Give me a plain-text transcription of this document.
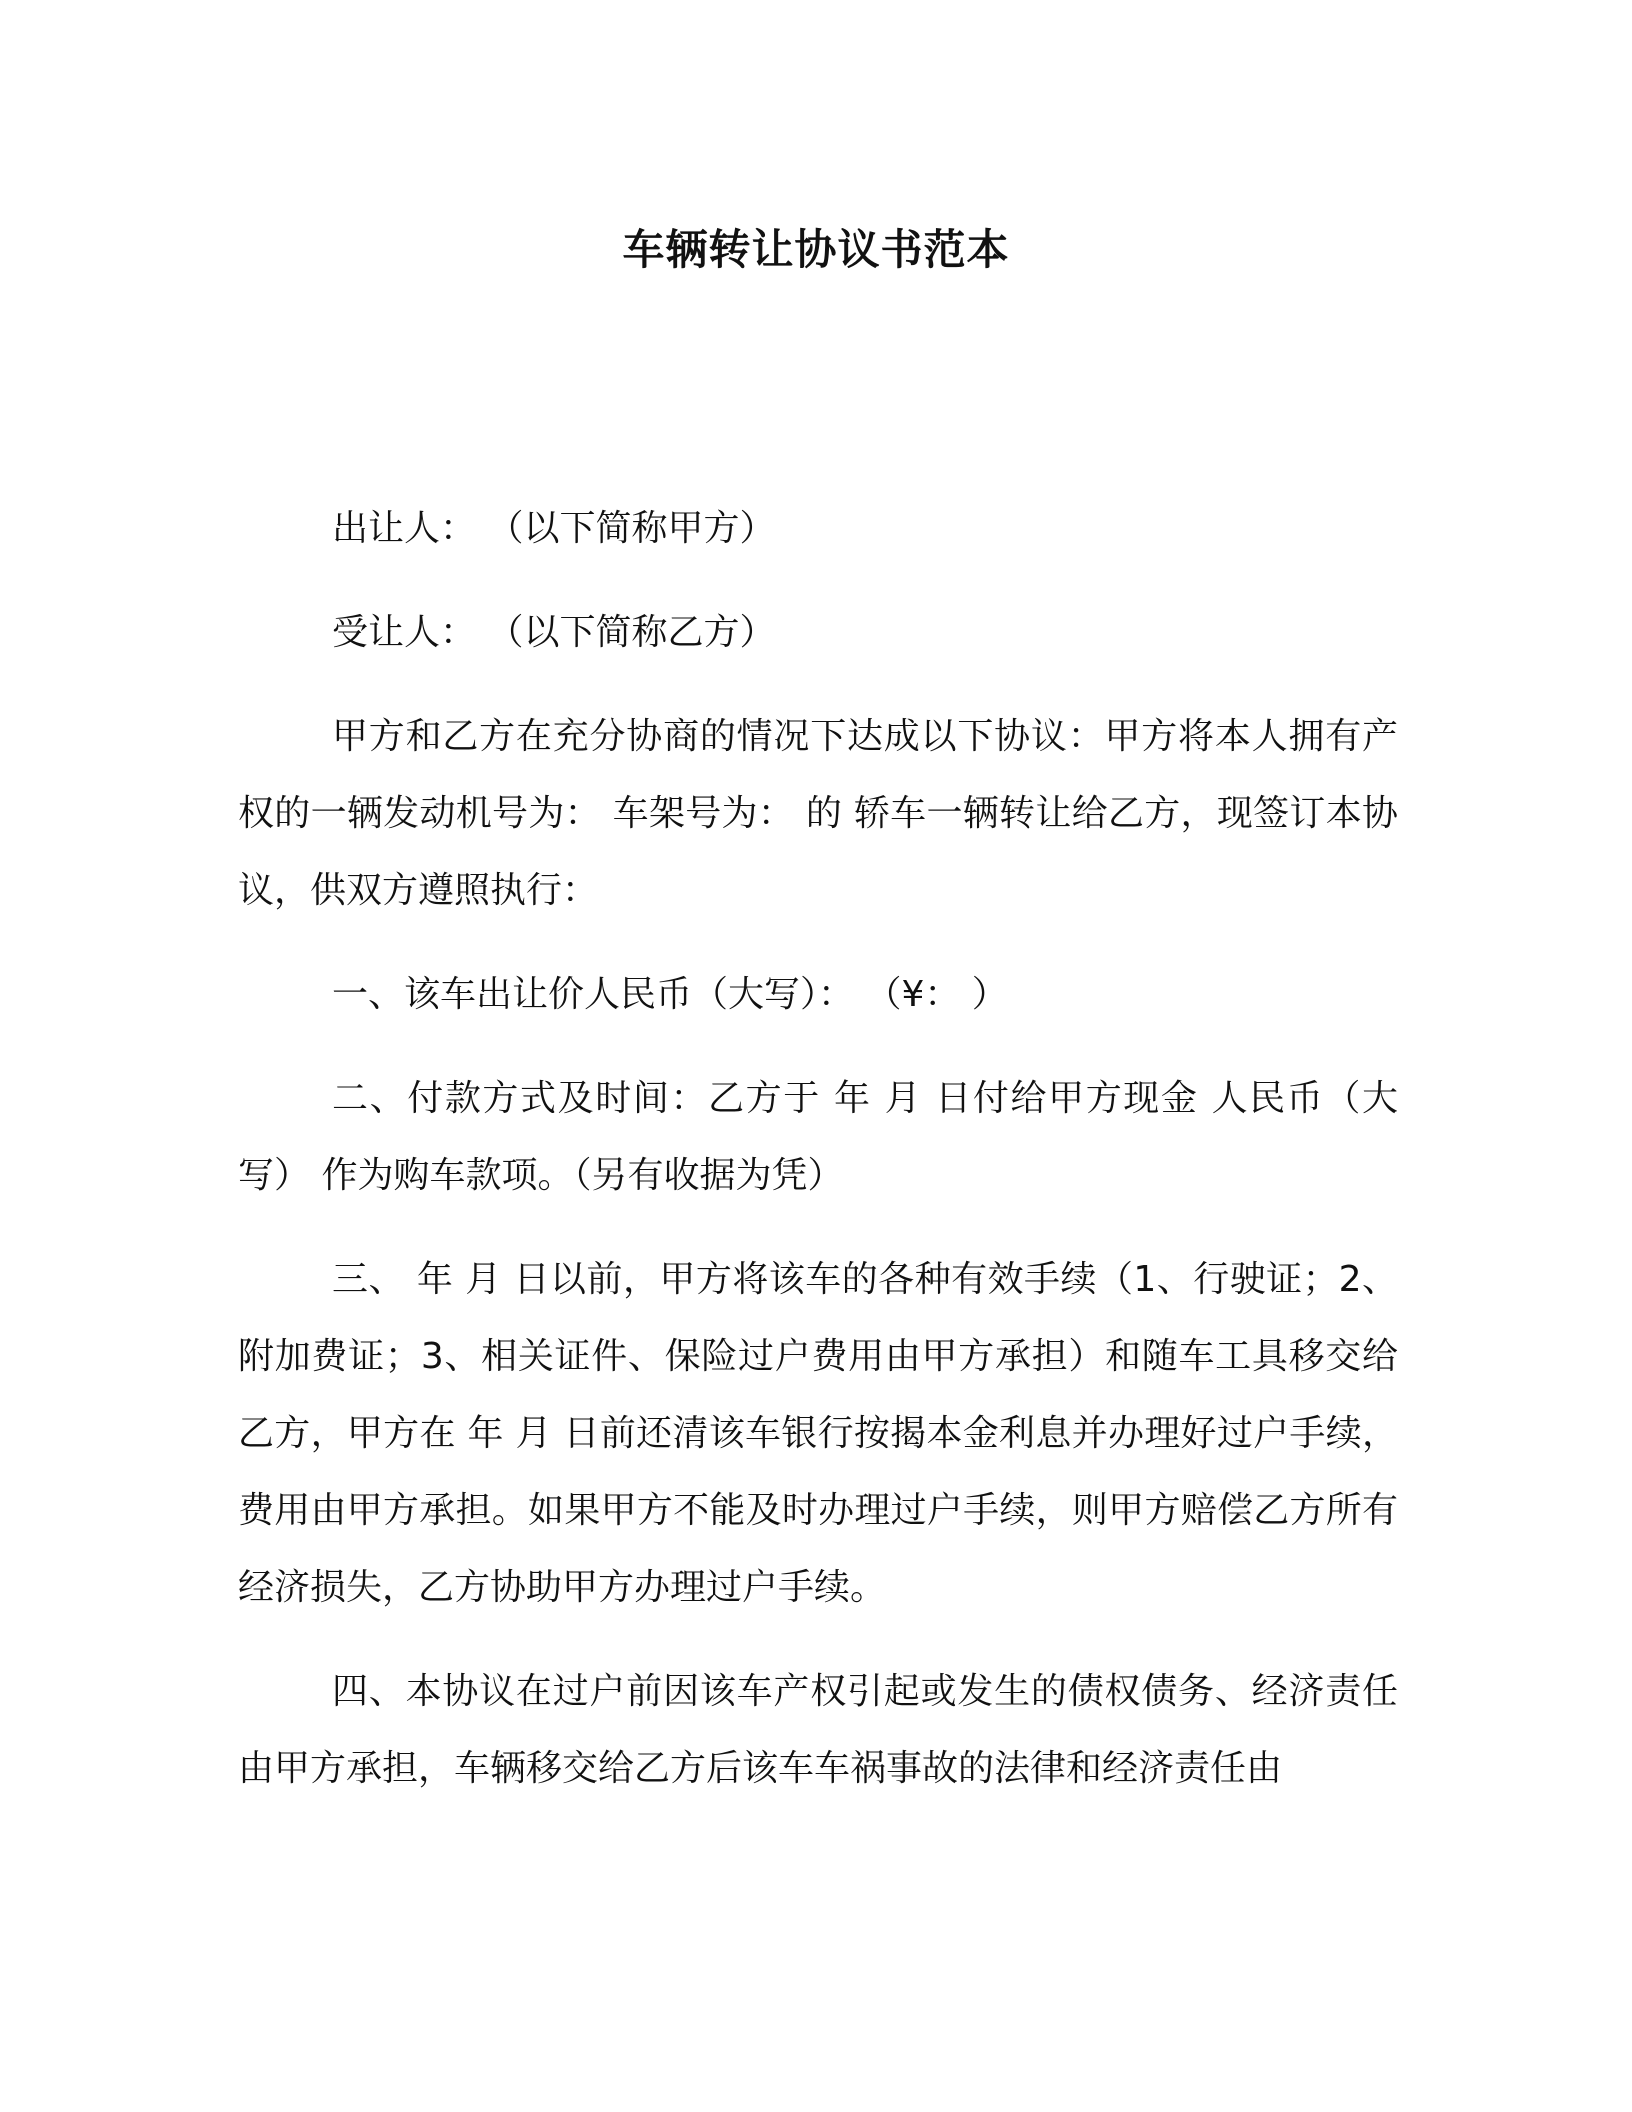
车辆转让协议书范本

出让人： （以下简称甲方）

受让人： （以下简称乙方）

甲方和乙方在充分协商的情况下达成以下协议：甲方将本人拥有产权的一辆发动机号为： 车架号为： 的 轿车一辆转让给乙方，现签订本协议，供双方遵照执行：

一、该车出让价人民币（大写）： （¥： ）

二、付款方式及时间：乙方于 年 月 日付给甲方现金 人民币（大写） 作为购车款项。（另有收据为凭）

三、 年 月 日以前，甲方将该车的各种有效手续（1、行驶证；2、附加费证；3、相关证件、保险过户费用由甲方承担）和随车工具移交给乙方，甲方在 年 月 日前还清该车银行按揭本金利息并办理好过户手续，费用由甲方承担。如果甲方不能及时办理过户手续，则甲方赔偿乙方所有经济损失，乙方协助甲方办理过户手续。

四、本协议在过户前因该车产权引起或发生的债权债务、经济责任由甲方承担，车辆移交给乙方后该车车祸事故的法律和经济责任由
